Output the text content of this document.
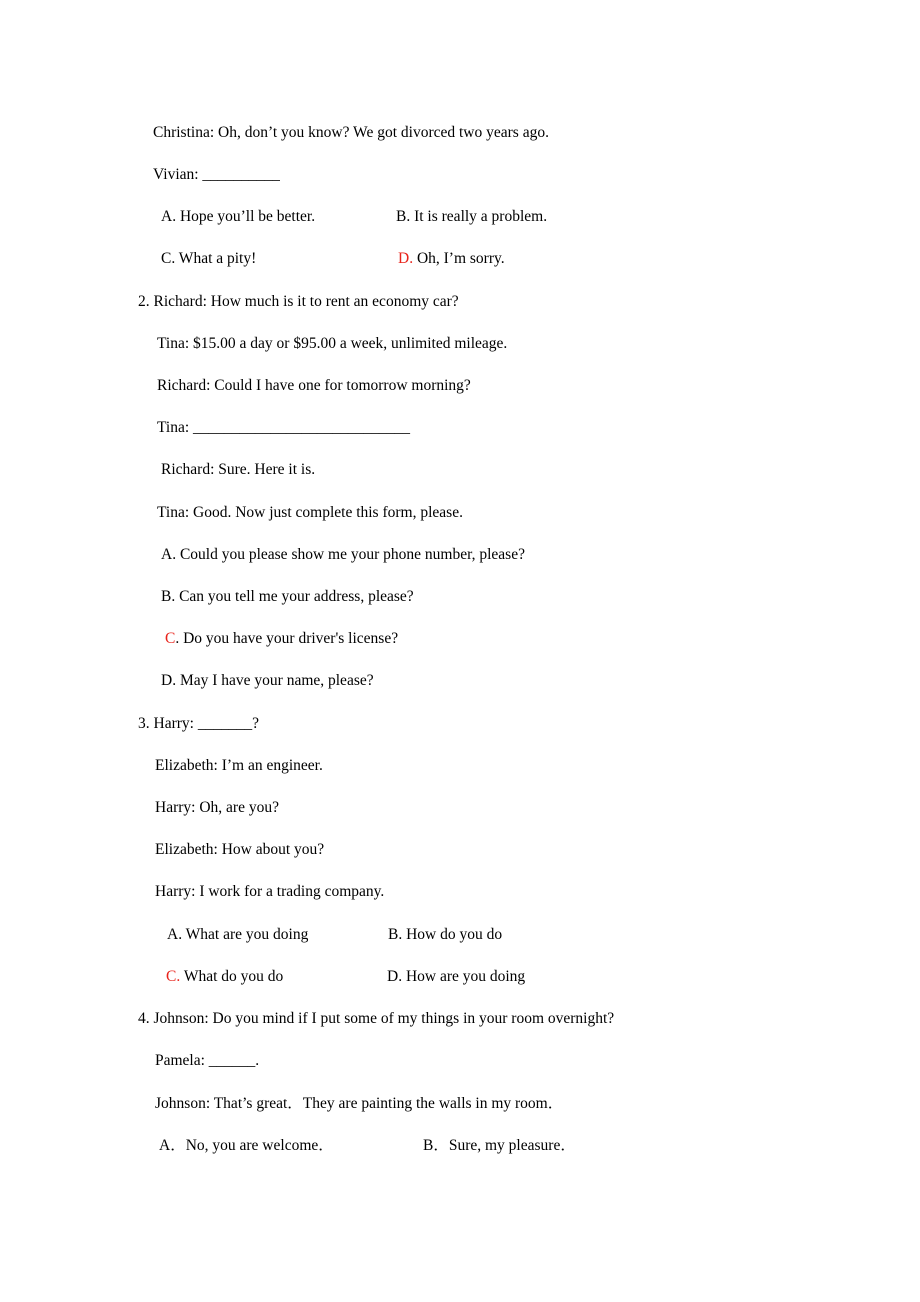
Christina: Oh, don’t you know? We got divorced two years ago.
Vivian: __________
A. Hope you’ll be better.	B. It is really a problem.
C. What a pity!	D. Oh, I’m sorry.
2. Richard: How much is it to rent an economy car?
Tina: $15.00 a day or $95.00 a week, unlimited mileage.
Richard: Could I have one for tomorrow morning?
Tina: ____________________________
Richard: Sure. Here it is.
Tina: Good. Now just complete this form, please.
A. Could you please show me your phone number, please?
B. Can you tell me your address, please?
C. Do you have your driver's license?
D. May I have your name, please?
3. Harry: _______?
Elizabeth: I’m an engineer.
Harry: Oh, are you?
Elizabeth: How about you?
Harry: I work for a trading company.
A. What are you doing	B. How do you do
C. What do you do	D. How are you doing
4. Johnson: Do you mind if I put some of my things in your room overnight?
Pamela: ______.
Johnson: That’s great．They are painting the walls in my room．
A．No, you are welcome．	B．Sure, my pleasure．
